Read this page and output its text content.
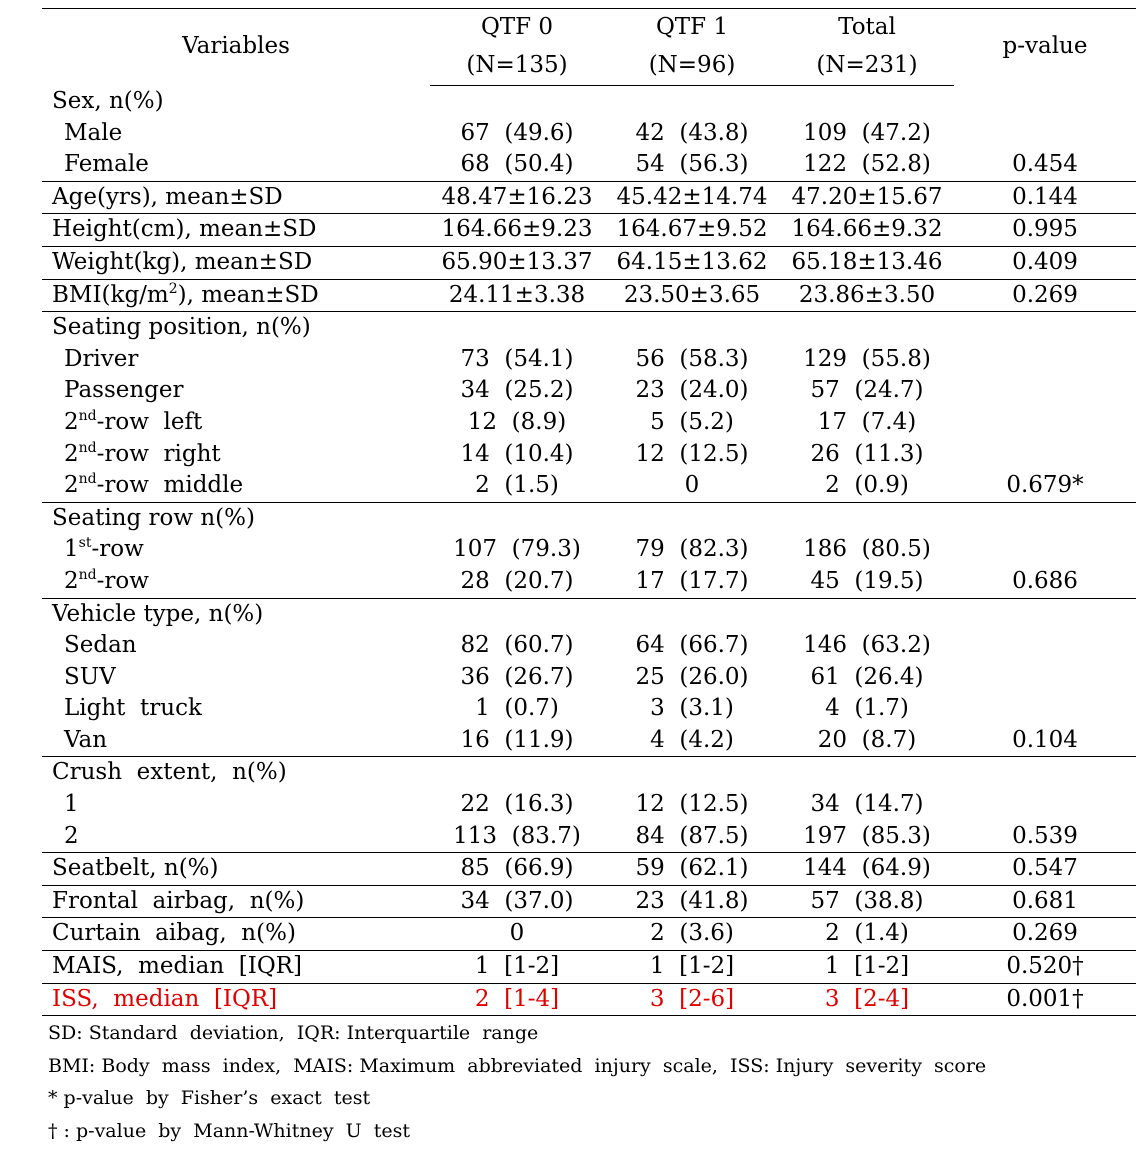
Variables	QTF 0	QTF 1	Total	p-value
	(N=135)	(N=96)	(N=231)	
Sex, n(%)				
Male	67  (49.6)	42  (43.8)	109  (47.2)	
Female	68  (50.4)	54  (56.3)	122  (52.8)	0.454
Age(yrs), mean±SD	48.47±16.23	45.42±14.74	47.20±15.67	0.144
Height(cm), mean±SD	164.66±9.23	164.67±9.52	164.66±9.32	0.995
Weight(kg), mean±SD	65.90±13.37	64.15±13.62	65.18±13.46	0.409
$BMI(kg/m^2)$, mean±SD	24.11±3.38	23.50±3.65	23.86±3.50	0.269
Seating position, n(%)				
Driver	73  (54.1)	56  (58.3)	129  (55.8)	
Passenger	34  (25.2)	23  (24.0)	57  (24.7)	
2nd-row  left	12  (8.9)	5  (5.2)	17  (7.4)	
2nd-row  right	14  (10.4)	12  (12.5)	26  (11.3)	
2nd-row  middle	2  (1.5)	0	2  (0.9)	0.679*
Seating row n(%)				
1st-row	107  (79.3)	79  (82.3)	186  (80.5)	
2nd-row	28  (20.7)	17  (17.7)	45  (19.5)	0.686
Vehicle type, n(%)				
Sedan	82  (60.7)	64  (66.7)	146  (63.2)	
SUV	36  (26.7)	25  (26.0)	61  (26.4)	
Light  truck	1  (0.7)	3  (3.1)	4  (1.7)	
Van	16  (11.9)	4  (4.2)	20  (8.7)	0.104
Crush  extent,  n(%)				
1	22  (16.3)	12  (12.5)	34  (14.7)	
2	113  (83.7)	84  (87.5)	197  (85.3)	0.539
Seatbelt, n(%)	85  (66.9)	59  (62.1)	144  (64.9)	0.547
Frontal  airbag,  n(%)	34  (37.0)	23  (41.8)	57  (38.8)	0.681
Curtain  aibag,  n(%)	0	2  (3.6)	2  (1.4)	0.269
MAIS,  median  [IQR]	1  [1-2]	1  [1-2]	1  [1-2]	0.520†
ISS,  median  [IQR]	2  [1-4]	3  [2-6]	3  [2-4]	0.001†
SD: Standard  deviation,  IQR: Interquartile  range
BMI: Body  mass  index,  MAIS: Maximum  abbreviated  injury  scale,  ISS: Injury  severity  score
* p-value  by  Fisher’s  exact  test
† : p-value  by  Mann-Whitney  U  test
